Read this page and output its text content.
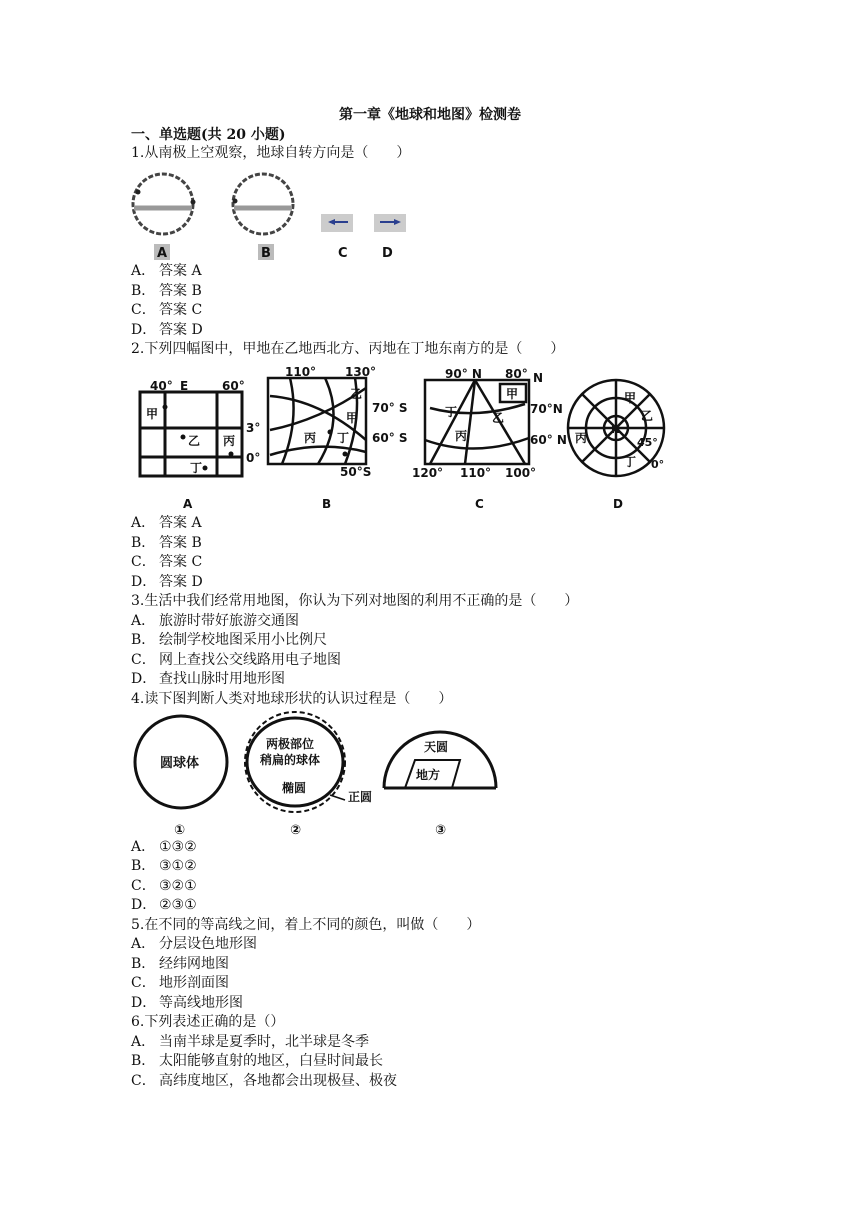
第一章《地球和地图》检测卷
一、单选题(共 20 小题)
1.从南极上空观察，地球自转方向是（　　）
A	B	C	D
A． 答案 A
B． 答案 B
C． 答案 C
D． 答案 D
2.下列四幅图中，甲地在乙地西北方、丙地在丁地东南方的是（　　）
40°	60°
E
3°
0°
甲
乙 丙
丁
110° 130°
70° S
60° S
50°S
乙
甲
丙 丁
90° N 80° N
70°N
60° N
120° 110° 100°
甲
丁	乙
丙	N
甲
乙
丙
丁
45°
0°
A	B	C	D
A． 答案 A
B． 答案 B
C． 答案 C
D． 答案 D
3.生活中我们经常用地图，你认为下列对地图的利用不正确的是（　　）
A． 旅游时带好旅游交通图
B． 绘制学校地图采用小比例尺
C． 网上查找公交线路用电子地图
D． 查找山脉时用地形图
4.读下图判断人类对地球形状的认识过程是（　　）
圆球体
两极部位
稍扁的球体
椭圆
正圆
天圆
地方
①	②	③
A． ①③②
B． ③①②
C． ③②①
D． ②③①
5.在不同的等高线之间，着上不同的颜色，叫做（　　）
A． 分层设色地形图
B． 经纬网地图
C． 地形剖面图
D． 等高线地形图
6.下列表述正确的是（）
A． 当南半球是夏季时，北半球是冬季
B． 太阳能够直射的地区，白昼时间最长
C． 高纬度地区，各地都会出现极昼、极夜
